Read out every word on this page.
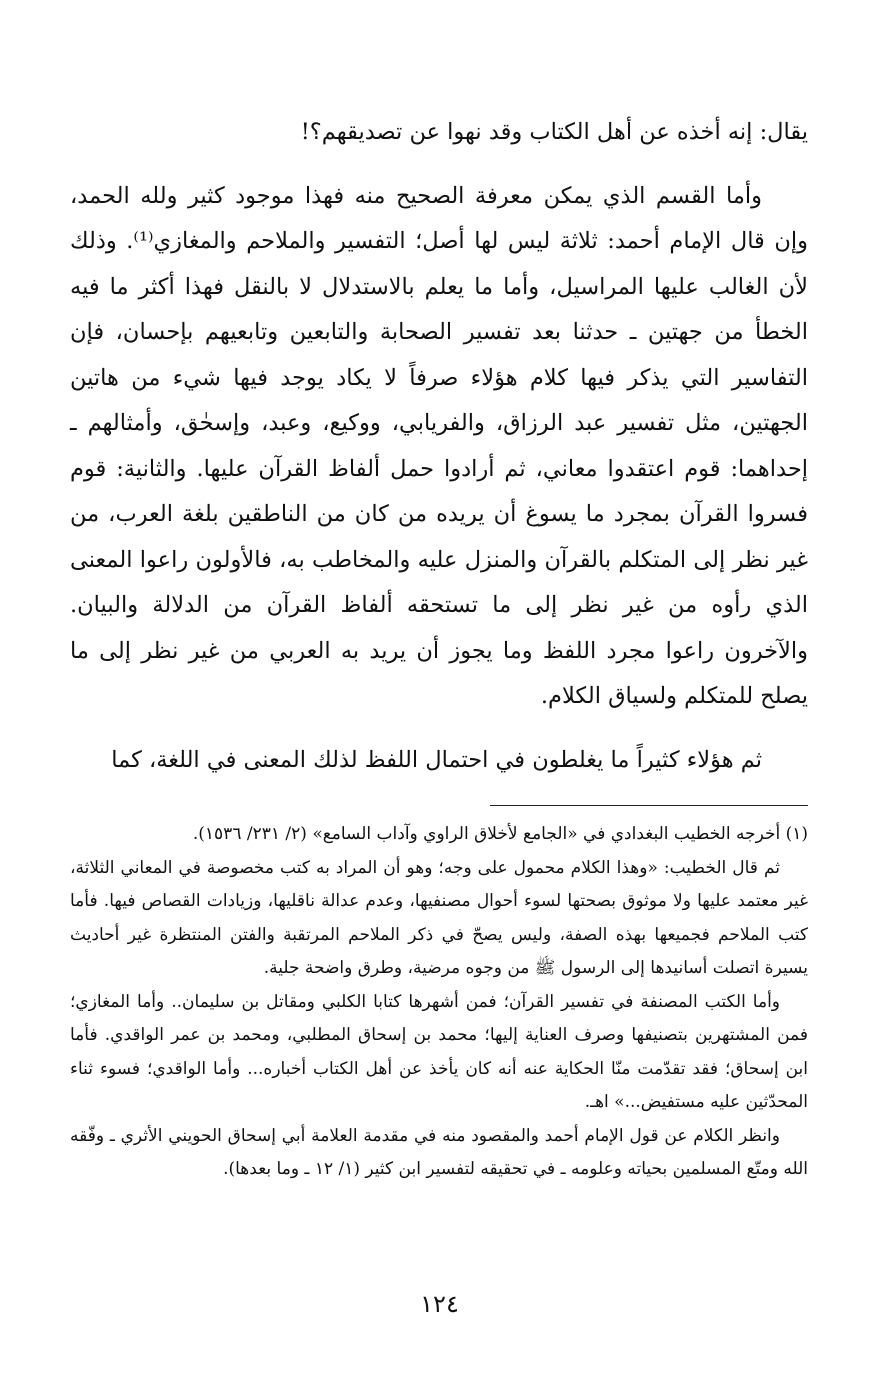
يقال: إنه أخذه عن أهل الكتاب وقد نهوا عن تصديقهم؟!

وأما القسم الذي يمكن معرفة الصحيح منه فهذا موجود كثير ولله الحمد، وإن قال الإمام أحمد: ثلاثة ليس لها أصل؛ التفسير والملاحم والمغازي⁽¹⁾. وذلك لأن الغالب عليها المراسيل، وأما ما يعلم بالاستدلال لا بالنقل فهذا أكثر ما فيه الخطأ من جهتين ـ حدثنا بعد تفسير الصحابة والتابعين وتابعيهم بإحسان، فإن التفاسير التي يذكر فيها كلام هؤلاء صرفاً لا يكاد يوجد فيها شيء من هاتين الجهتين، مثل تفسير عبد الرزاق، والفريابي، ووكيع، وعبد، وإسحٰق، وأمثالهم ـ إحداهما: قوم اعتقدوا معاني، ثم أرادوا حمل ألفاظ القرآن عليها. والثانية: قوم فسروا القرآن بمجرد ما يسوغ أن يريده من كان من الناطقين بلغة العرب، من غير نظر إلى المتكلم بالقرآن والمنزل عليه والمخاطب به، فالأولون راعوا المعنى الذي رأوه من غير نظر إلى ما تستحقه ألفاظ القرآن من الدلالة والبيان. والآخرون راعوا مجرد اللفظ وما يجوز أن يريد به العربي من غير نظر إلى ما يصلح للمتكلم ولسياق الكلام.

ثم هؤلاء كثيراً ما يغلطون في احتمال اللفظ لذلك المعنى في اللغة، كما

(١) أخرجه الخطيب البغدادي في «الجامع لأخلاق الراوي وآداب السامع» (٢/ ٢٣١/ ١٥٣٦).

ثم قال الخطيب: «وهذا الكلام محمول على وجه؛ وهو أن المراد به كتب مخصوصة في المعاني الثلاثة، غير معتمد عليها ولا موثوق بصحتها لسوء أحوال مصنفيها، وعدم عدالة ناقليها، وزيادات القصاص فيها. فأما كتب الملاحم فجميعها بهذه الصفة، وليس يصحّ في ذكر الملاحم المرتقبة والفتن المنتظرة غير أحاديث يسيرة اتصلت أسانيدها إلى الرسول ﷺ من وجوه مرضية، وطرق واضحة جلية.

وأما الكتب المصنفة في تفسير القرآن؛ فمن أشهرها كتابا الكلبي ومقاتل بن سليمان.. وأما المغازي؛ فمن المشتهرين بتصنيفها وصرف العناية إليها؛ محمد بن إسحاق المطلبي، ومحمد بن عمر الواقدي. فأما ابن إسحاق؛ فقد تقدّمت منّا الحكاية عنه أنه كان يأخذ عن أهل الكتاب أخباره... وأما الواقدي؛ فسوء ثناء المحدّثين عليه مستفيض...» اهـ.

وانظر الكلام عن قول الإمام أحمد والمقصود منه في مقدمة العلامة أبي إسحاق الحويني الأثري ـ وفّقه الله ومتّع المسلمين بحياته وعلومه ـ في تحقيقه لتفسير ابن كثير (١/ ١٢ ـ وما بعدها).

١٢٤
